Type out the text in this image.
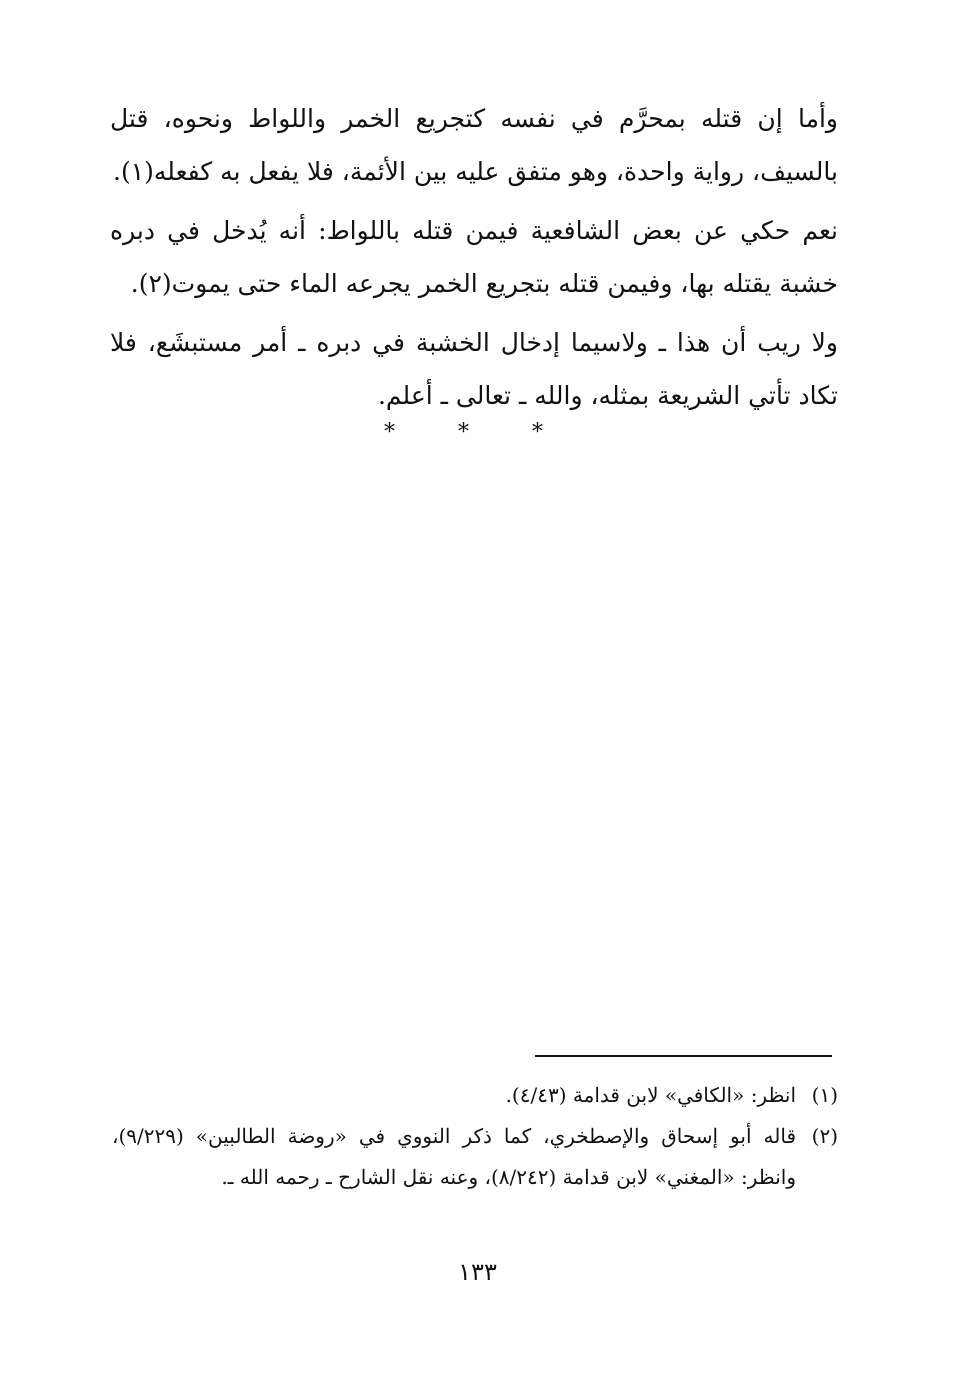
وأما إن قتله بمحرَّم في نفسه كتجريع الخمر واللواط ونحوه، قتل بالسيف، رواية واحدة، وهو متفق عليه بين الأئمة، فلا يفعل به كفعله(١).

نعم حكي عن بعض الشافعية فيمن قتله باللواط: أنه يُدخل في دبره خشبة يقتله بها، وفيمن قتله بتجريع الخمر يجرعه الماء حتى يموت(٢).

ولا ريب أن هذا ـ ولاسيما إدخال الخشبة في دبره ـ أمر مستبشَع، فلا تكاد تأتي الشريعة بمثله، والله ـ تعالى ـ أعلم.

* * *
(١)
انظر: «الكافي» لابن قدامة (٤/٤٣).
(٢)
قاله أبو إسحاق والإصطخري، كما ذكر النووي في «روضة الطالبين» (٩/٢٢٩)، وانظر: «المغني» لابن قدامة (٨/٢٤٢)، وعنه نقل الشارح ـ رحمه الله ـ.
١٣٣
